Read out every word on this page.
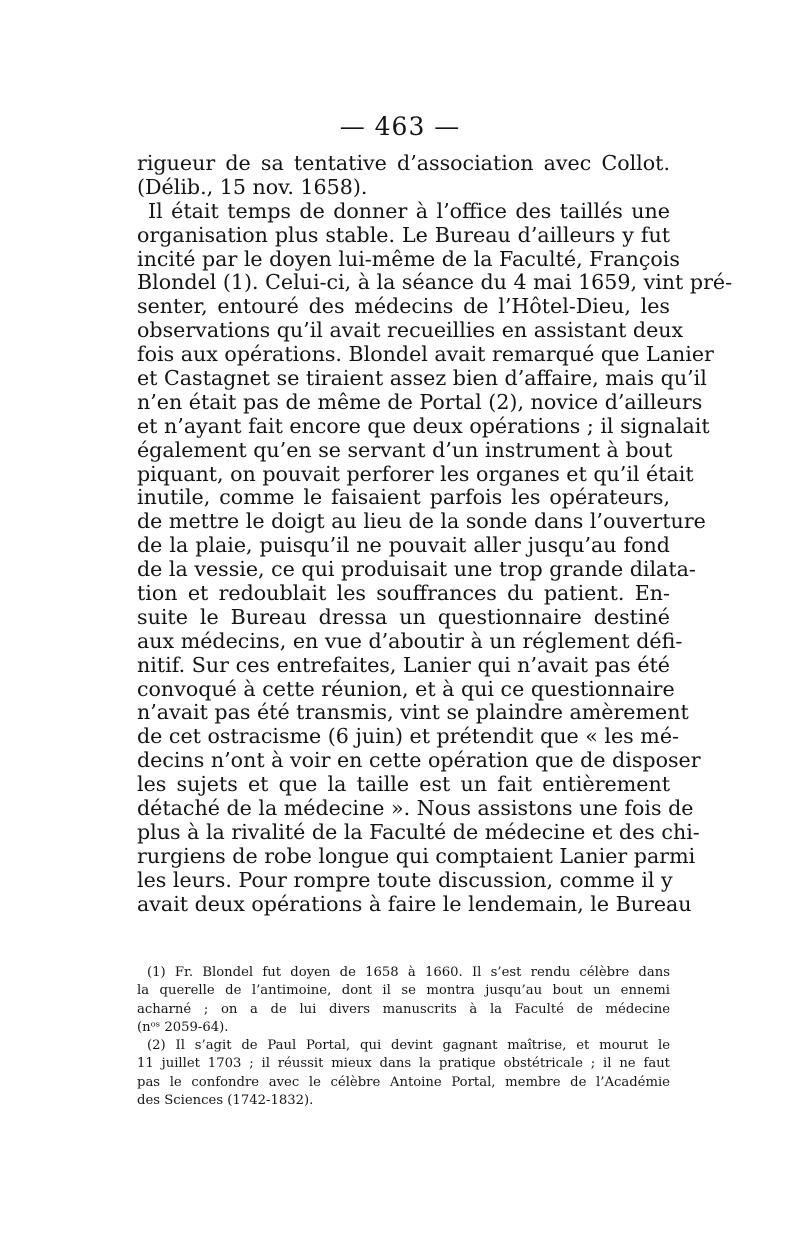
— 463 —
rigueur de sa tentative d’association avec Collot.
(Délib., 15 nov. 1658).
Il était temps de donner à l’office des taillés une
organisation plus stable. Le Bureau d’ailleurs y fut
incité par le doyen lui-même de la Faculté, François
Blondel (1). Celui-ci, à la séance du 4 mai 1659, vint pré-
senter, entouré des médecins de l’Hôtel-Dieu, les
observations qu’il avait recueillies en assistant deux
fois aux opérations. Blondel avait remarqué que Lanier
et Castagnet se tiraient assez bien d’affaire, mais qu’il
n’en était pas de même de Portal (2), novice d’ailleurs
et n’ayant fait encore que deux opérations ; il signalait
également qu’en se servant d’un instrument à bout
piquant, on pouvait perforer les organes et qu’il était
inutile, comme le faisaient parfois les opérateurs,
de mettre le doigt au lieu de la sonde dans l’ouverture
de la plaie, puisqu’il ne pouvait aller jusqu’au fond
de la vessie, ce qui produisait une trop grande dilata-
tion et redoublait les souffrances du patient. En-
suite le Bureau dressa un questionnaire destiné
aux médecins, en vue d’aboutir à un réglement défi-
nitif. Sur ces entrefaites, Lanier qui n’avait pas été
convoqué à cette réunion, et à qui ce questionnaire
n’avait pas été transmis, vint se plaindre amèrement
de cet ostracisme (6 juin) et prétendit que « les mé-
decins n’ont à voir en cette opération que de disposer
les sujets et que la taille est un fait entièrement
détaché de la médecine ». Nous assistons une fois de
plus à la rivalité de la Faculté de médecine et des chi-
rurgiens de robe longue qui comptaient Lanier parmi
les leurs. Pour rompre toute discussion, comme il y
avait deux opérations à faire le lendemain, le Bureau
(1) Fr. Blondel fut doyen de 1658 à 1660. Il s’est rendu célèbre dans
la querelle de l’antimoine, dont il se montra jusqu’au bout un ennemi
acharné ; on a de lui divers manuscrits à la Faculté de médecine
(nᵒˢ 2059-64).
(2) Il s’agit de Paul Portal, qui devint gagnant maîtrise, et mourut le
11 juillet 1703 ; il réussit mieux dans la pratique obstétricale ; il ne faut
pas le confondre avec le célèbre Antoine Portal, membre de l’Académie
des Sciences (1742-1832).
